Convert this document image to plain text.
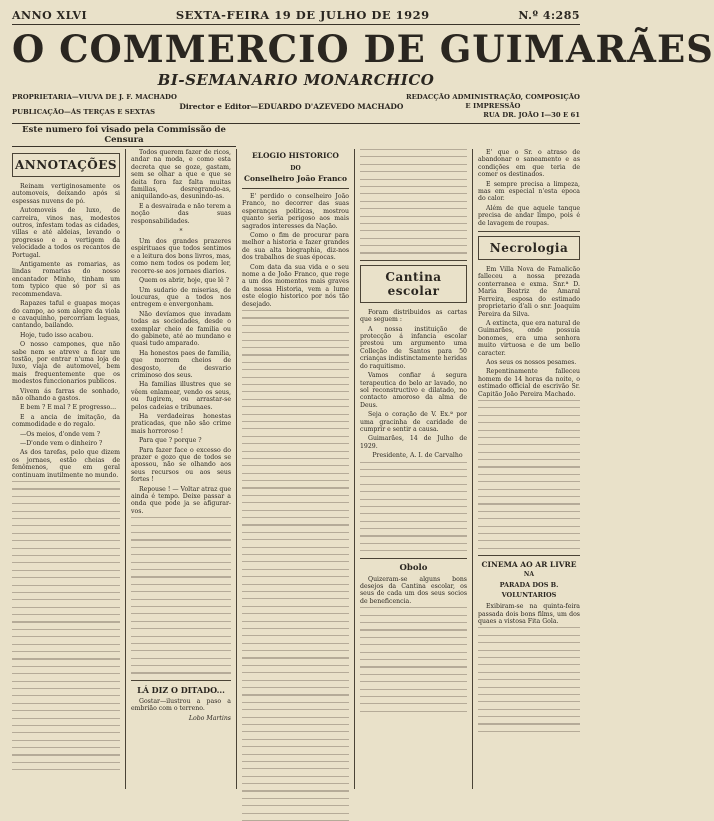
ANNO XLVI	SEXTA-FEIRA 19 DE JULHO DE 1929	N.º 4:285
O COMMERCIO DE GUIMARÃES
BI-SEMANARIO MONARCHICO
PROPRIETARIA—VIUVA DE J. F. MACHADO
PUBLICAÇÃO—ÁS TERÇAS E SEXTAS
Director e Editor—EDUARDO D'AZEVEDO MACHADO
REDACÇÃO ADMINISTRAÇÃO, COMPOSIÇÃO
E IMPRESSÃO
RUA DR. JOÃO I—30 E 61
Este numero foi visado pela Commissão de Censura
ANNOTAÇÕES

Reinam vertiginosamente os automoveis, deixando após si espessas nuvens de pó.

Automoveis de luxo, de carreira, vinos nas, modestos outros, infestam todas as cidades, villas e até aldeias, levando o progresso e a vertigem da velocidade a todos os recantos de Portugal.

Antigamente as romarias, as lindas romarias do nosso encantador Minho, tinham um tom typico que só por si as recommendava.

Rapazes taful e guapas moças do campo, ao som alegre da viola e cavaquinho, percorriam leguas, cantando, bailando.

Hoje, tudo isso acabou.

O nosso campones, que não sabe nem se atreve a ficar um tostão, por entrar n'uma loja de luxo, viaja de automovel, bem mais frequentemente que os modestos funccionarios publicos.

Vivem ás farras de sonhado, não olhando a gastos.

E bem ? E mal ? E progresso...

E a ancia de imitação, da commodidade e do regalo.

—Os meios, d'onde vem ?

—D'onde vem o dinheiro ?

As dos tarefas, pelo que dizem os jornaes, estão cheias de fenômenos, que em geral continuam inutilmente no mundo.

Todos querem fazer de ricos, andar na moda, e como esta decreta que se goze, gastam, sem se olhar a que e que se deita fora faz falta muitas familias, desregrando-as, aniquilando-as, desunindo-as.

E a desvairada e não terem a noção das suas responsabilidades.

*

Um dos grandes prazeres espirituaes que todos sentimos e a leitura dos bons livros, mas, como nem todos os podem ler, recorre-se aos jornaes diarios.

Quem os abrir, hoje, que lê ?

Um sudario de miserias, de loucuras, que a todos nos entregem e envergonham.

Não devíamos que invadam todas as sociedades, desde o exemplar cheio de familia ou do gabinete, até ao mundano e quasi tudo amparado.

Ha honestos paes de familia, que morrem cheios de desgosto, de desvario criminoso dos seus.

Ha familias illustres que se vêem enlamear, vendo os seus, ou fugirem, ou arrastar-se pelos cadeias e tribunaes.

Ha verdadeiras honestas praticadas, que não são crime mais horroroso !

Para que ? porque ?

Para fazer face o excesso do prazer e gozo que de todos se apossou, não se olhando aos seus recursos ou aos seus fortes !

Repouse ! — Voltar atraz que ainda é tempo. Deixe passar a onda que pode ja se afigurar-vos.

LÁ DIZ O DITADO...

Gostar—ilustrou a paso a embrião com o terreno.

Lobo Martins
ELOGIO HISTORICO
DO
Conselheiro João Franco

E' perdido o conselheiro João Franco, no decorrer das suas esperanças politicas, mostrou quanto seria perigoso aos mais sagrados interesses da Nação.

Como o fim de procurar para melhor a historia e fazer grandes de sua alta biographia, diz-nos dos trabalhos de suas épocas.

Com data da sua vida e o seu nome a de João Franco, que rege a um dos momentos mais graves da nossa Historia, vem a lume este elogio historico por nós tão desejado.

Cantina escolar

Foram distribuidos as cartas que seguem :

A nossa instituição de protecção á infancia escolar prestou um argumento uma Colleção de Santos para 50 crianças indistinctamente heridas do raquitismo.

Vamos confiar á segura terapeutica do belo ar lavado, no sol reconstructivo e dilatado, no contacto amoroso da alma de Deus.

Seja o coração de V. Ex.ª por uma gracinha de caridade de cumprir e sentir a causa.

Guimarães, 14 de Julho de 1929.

Presidente, A. I. de Carvalho

Obolo

Quizeram-se alguns bons desejos da Cantina escolar, os seus de cada um dos seus socios de beneficencia.

E' que o Sr. o atraso de abandonar o saneamento e as condições em que teria de comer os destinados.

E sempre precisa a limpeza, mas em especial n'esta epoca do calor.

Além de que aquele tanque precisa de andar limpo, pois é de lavagem de roupas.

Necrologia

Em Villa Nova de Famalicão falleceu a nossa prezada conterranea e exma. Snr.ª D. Maria Beatriz de Amaral Ferreira, esposa do estimado proprietario d'ali o snr. Joaquim Pereira da Silva.

A extincta, que era natural de Guimarães, onde possuía bonomes, era uma senhora muito virtuosa e de um bello caracter.

Aos seus os nossos pesames.

Repentinamente falleceu homem de 14 horas da noite, o estimado official de escrivão Sr. Capitão João Pereira Machado.

CINEMA AO AR LIVRE
NA
PARADA DOS B. VOLUNTARIOS

Exibiram-se na quinta-feira passada dois bons films, um dos quaes a vistosa Fita Gola.
